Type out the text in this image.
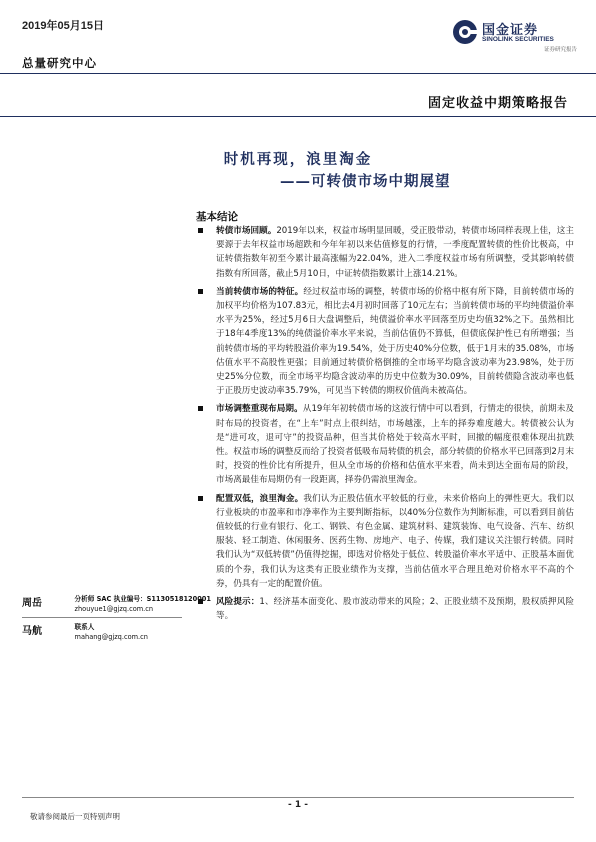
2019年05月15日	国金证券
SINOLINK SECURITIES
证券研究报告
总量研究中心
固定收益中期策略报告
时机再现，浪里淘金
——可转债市场中期展望
基本结论
转债市场回顾。2019年以来，权益市场明显回暖，受正股带动，转债市场同样表现上佳，这主要源于去年权益市场超跌和今年年初以来估值修复的行情，一季度配置转债的性价比极高，中证转债指数年初至今累计最高涨幅为22.04%，进入二季度权益市场有所调整，受其影响转债指数有所回落，截止5月10日，中证转债指数累计上涨14.21%。
当前转债市场的特征。经过权益市场的调整，转债市场的价格中枢有所下降，目前转债市场的加权平均价格为107.83元，相比去4月初时回落了10元左右；当前转债市场的平均纯债溢价率水平为25%，经过5月6日大盘调整后，纯债溢价率水平回落至历史均值32%之下。虽然相比于18年4季度13%的纯债溢价率水平来说，当前估值仍不算低，但债底保护性已有所增强；当前转债市场的平均转股溢价率为19.54%，处于历史40%分位数，低于1月末的35.08%，市场估值水平不高股性更强；目前通过转债价格倒推的全市场平均隐含波动率为23.98%，处于历史25%分位数，而全市场平均隐含波动率的历史中位数为30.09%，目前转债隐含波动率也低于正股历史波动率35.79%，可见当下转债的期权价值尚未被高估。
市场调整重现布局期。从19年年初转债市场的这波行情中可以看到，行情走的很快，前期未及时布局的投资者，在“上车”时点上很纠结，市场越涨，上车的择券难度越大。转债被公认为是“进可攻，退可守”的投资品种，但当其价格处于较高水平时，回撤的幅度很难体现出抗跌性。权益市场的调整反而给了投资者低吸布局转债的机会，部分转债的价格水平已回落到2月末时，投资的性价比有所提升，但从全市场的价格和估值水平来看，尚未到达全面布局的阶段，市场离最佳布局期仍有一段距离，择券仍需浪里淘金。
配置双低，浪里淘金。我们认为正股估值水平较低的行业，未来价格向上的弹性更大。我们以行业板块的市盈率和市净率作为主要判断指标，以40%分位数作为判断标准，可以看到目前估值较低的行业有银行、化工、钢铁、有色金属、建筑材料、建筑装饰、电气设备、汽车、纺织服装、轻工制造、休闲服务、医药生物、房地产、电子、传媒，我们建议关注银行转债。同时我们认为“双低转债”仍值得挖掘，即选对价格处于低位、转股溢价率水平适中、正股基本面优质的个券，我们认为这类有正股业绩作为支撑，当前估值水平合理且绝对价格水平不高的个券，仍具有一定的配置价值。
风险提示：1、经济基本面变化、股市波动带来的风险；2、正股业绩不及预期，股权质押风险等。
周岳	分析师 SAC 执业编号：S1130518120001
zhouyue1@gjzq.com.cn
马航	联系人
mahang@gjzq.com.cn
- 1 -
敬请参阅最后一页特别声明
